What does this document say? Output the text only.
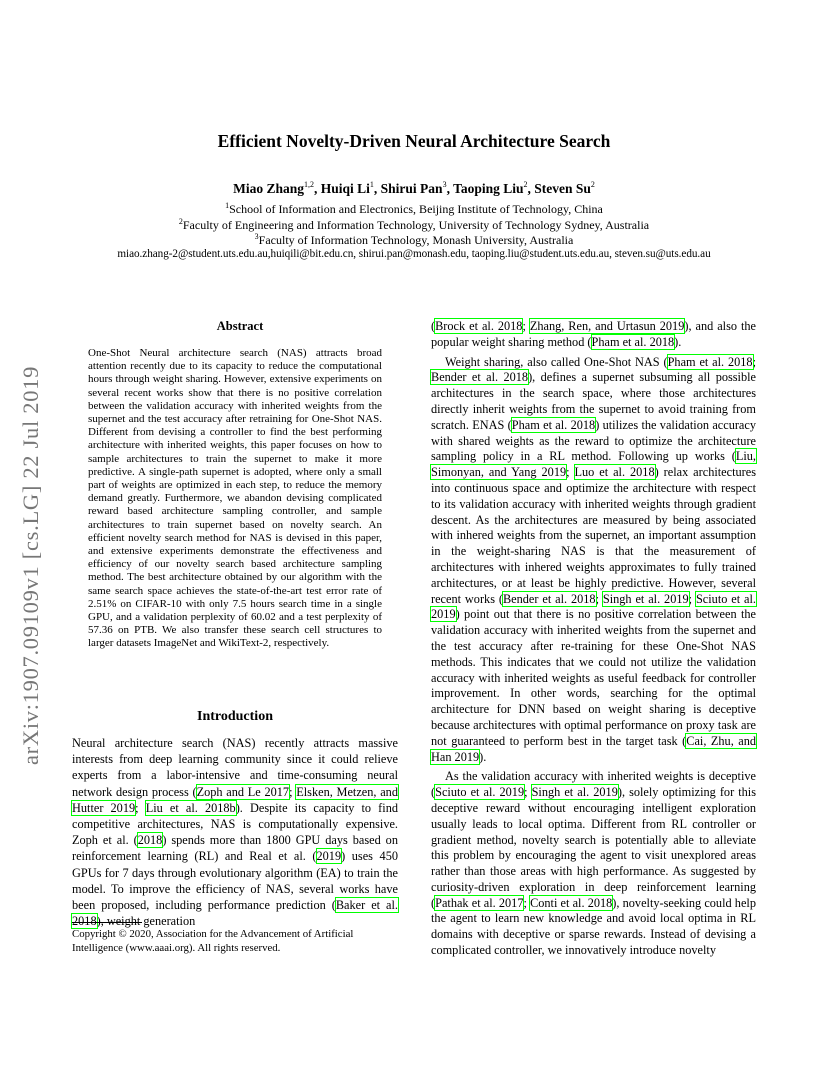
arXiv:1907.09109v1 [cs.LG] 22 Jul 2019
Efficient Novelty-Driven Neural Architecture Search
Miao Zhang$^{1,2}$, Huiqi Li$^1$, Shirui Pan$^3$, Taoping Liu$^2$, Steven Su$^2$
$^1$School of Information and Electronics, Beijing Institute of Technology, China
$^2$Faculty of Engineering and Information Technology, University of Technology Sydney, Australia
$^3$Faculty of Information Technology, Monash University, Australia
miao.zhang-2@student.uts.edu.au,huiqili@bit.edu.cn, shirui.pan@monash.edu, taoping.liu@student.uts.edu.au, steven.su@uts.edu.au
Abstract
One-Shot Neural architecture search (NAS) attracts broad attention recently due to its capacity to reduce the computational hours through weight sharing. However, extensive experiments on several recent works show that there is no positive correlation between the validation accuracy with inherited weights from the supernet and the test accuracy after retraining for One-Shot NAS. Different from devising a controller to find the best performing architecture with inherited weights, this paper focuses on how to sample architectures to train the supernet to make it more predictive. A single-path supernet is adopted, where only a small part of weights are optimized in each step, to reduce the memory demand greatly. Furthermore, we abandon devising complicated reward based architecture sampling controller, and sample architectures to train supernet based on novelty search. An efficient novelty search method for NAS is devised in this paper, and extensive experiments demonstrate the effectiveness and efficiency of our novelty search based architecture sampling method. The best architecture obtained by our algorithm with the same search space achieves the state-of-the-art test error rate of 2.51% on CIFAR-10 with only 7.5 hours search time in a single GPU, and a validation perplexity of 60.02 and a test perplexity of 57.36 on PTB. We also transfer these search cell structures to larger datasets ImageNet and WikiText-2, respectively.
Introduction

Neural architecture search (NAS) recently attracts massive interests from deep learning community since it could relieve experts from a labor-intensive and time-consuming neural network design process (Zoph and Le 2017; Elsken, Metzen, and Hutter 2019; Liu et al. 2018b). Despite its capacity to find competitive architectures, NAS is computationally expensive. Zoph et al. (2018) spends more than 1800 GPU days based on reinforcement learning (RL) and Real et al. (2019) uses 450 GPUs for 7 days through evolutionary algorithm (EA) to train the model. To improve the efficiency of NAS, several works have been proposed, including performance prediction (Baker et al. 2018), weight generation

Copyright © 2020, Association for the Advancement of Artificial Intelligence (www.aaai.org). All rights reserved.

(Brock et al. 2018; Zhang, Ren, and Urtasun 2019), and also the popular weight sharing method (Pham et al. 2018).

Weight sharing, also called One-Shot NAS (Pham et al. 2018; Bender et al. 2018), defines a supernet subsuming all possible architectures in the search space, where those architectures directly inherit weights from the supernet to avoid training from scratch. ENAS (Pham et al. 2018) utilizes the validation accuracy with shared weights as the reward to optimize the architecture sampling policy in a RL method. Following up works (Liu, Simonyan, and Yang 2019; Luo et al. 2018) relax architectures into continuous space and optimize the architecture with respect to its validation accuracy with inherited weights through gradient descent. As the architectures are measured by being associated with inhered weights from the supernet, an important assumption in the weight-sharing NAS is that the measurement of architectures with inhered weights approximates to fully trained architectures, or at least be highly predictive. However, several recent works (Bender et al. 2018; Singh et al. 2019; Sciuto et al. 2019) point out that there is no positive correlation between the validation accuracy with inherited weights from the supernet and the test accuracy after re-training for these One-Shot NAS methods. This indicates that we could not utilize the validation accuracy with inherited weights as useful feedback for controller improvement. In other words, searching for the optimal architecture for DNN based on weight sharing is deceptive because architectures with optimal performance on proxy task are not guaranteed to perform best in the target task (Cai, Zhu, and Han 2019).

As the validation accuracy with inherited weights is deceptive (Sciuto et al. 2019; Singh et al. 2019), solely optimizing for this deceptive reward without encouraging intelligent exploration usually leads to local optima. Different from RL controller or gradient method, novelty search is potentially able to alleviate this problem by encouraging the agent to visit unexplored areas rather than those areas with high performance. As suggested by curiosity-driven exploration in deep reinforcement learning (Pathak et al. 2017; Conti et al. 2018), novelty-seeking could help the agent to learn new knowledge and avoid local optima in RL domains with deceptive or sparse rewards. Instead of devising a complicated controller, we innovatively introduce novelty
